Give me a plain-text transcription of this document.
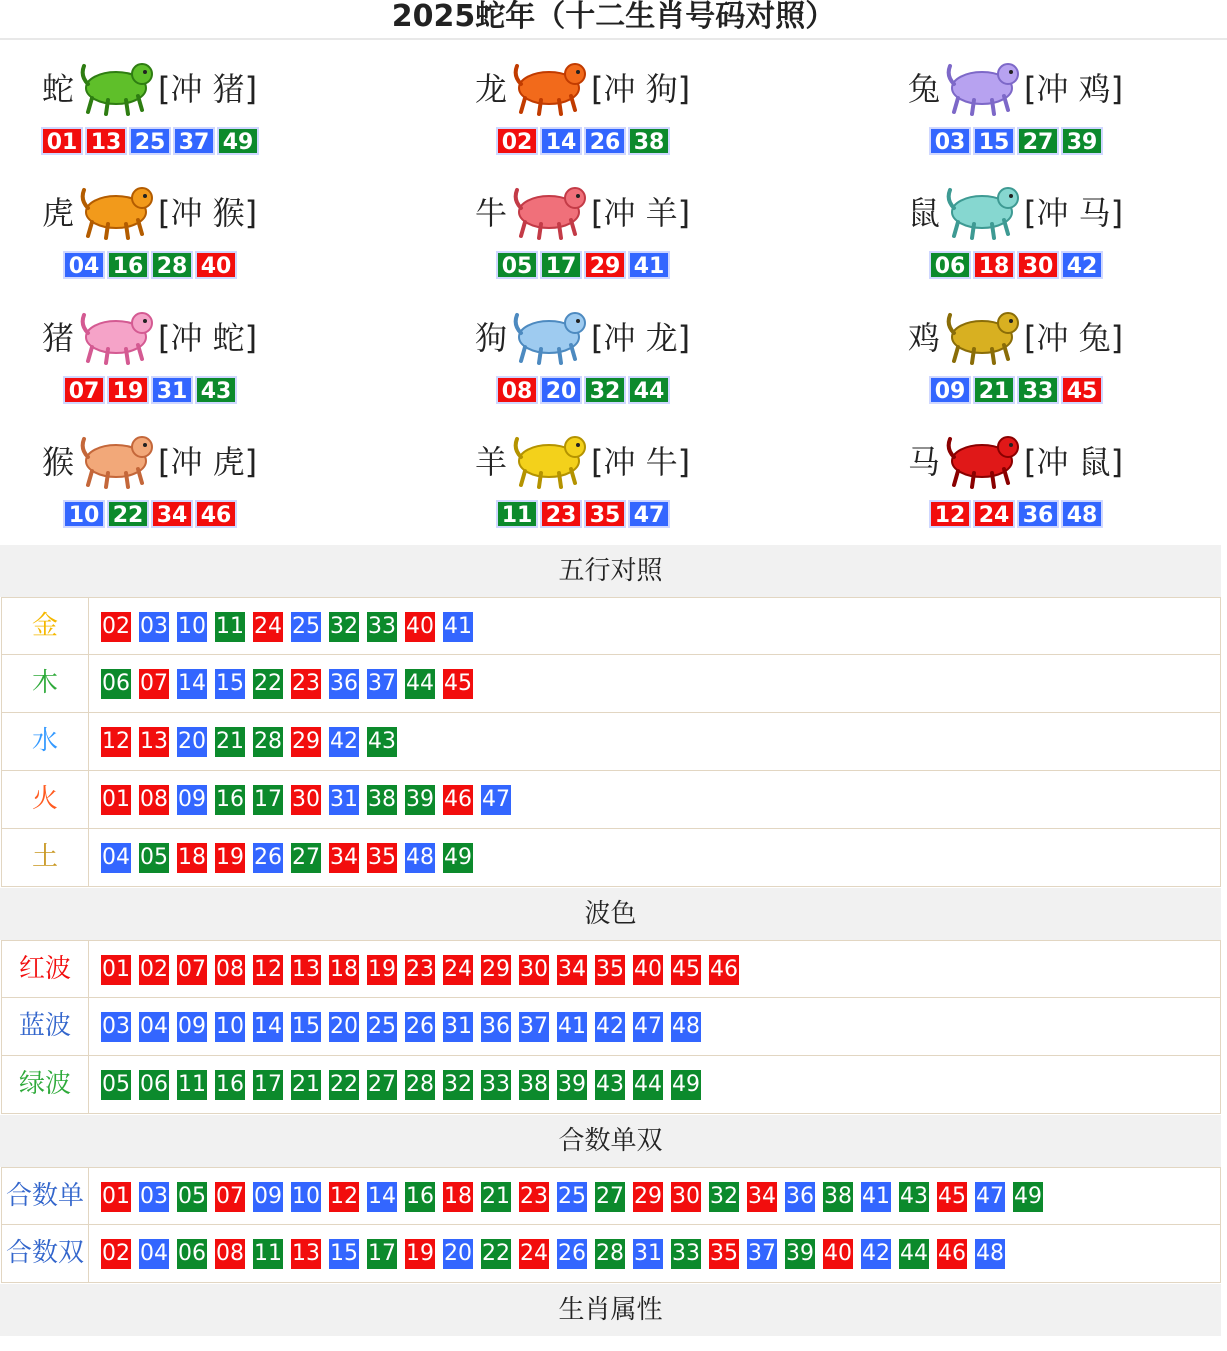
2025蛇年（十二生肖号码对照）
蛇	[冲 猪]
01 13 25 37 49
龙	[冲 狗]
02 14 26 38
兔	[冲 鸡]
03 15 27 39
虎	[冲 猴]
04 16 28 40
牛	[冲 羊]
05 17 29 41
鼠	[冲 马]
06 18 30 42
猪	[冲 蛇]
07 19 31 43
狗	[冲 龙]
08 20 32 44
鸡	[冲 兔]
09 21 33 45
猴	[冲 虎]
10 22 34 46
羊	[冲 牛]
11 23 35 47
马	[冲 鼠]
12 24 36 48
五行对照
金	02 03 10 11 24 25 32 33 40 41
木	06 07 14 15 22 23 36 37 44 45
水	12 13 20 21 28 29 42 43
火	01 08 09 16 17 30 31 38 39 46 47
土	04 05 18 19 26 27 34 35 48 49
波色
红波	01 02 07 08 12 13 18 19 23 24 29 30 34 35 40 45 46
蓝波	03 04 09 10 14 15 20 25 26 31 36 37 41 42 47 48
绿波	05 06 11 16 17 21 22 27 28 32 33 38 39 43 44 49
合数单双
合数单 01 03 05 07 09 10 12 14 16 18 21 23 25 27 29 30 32 34 36 38 41 43 45 47 49
合数双 02 04 06 08 11 13 15 17 19 20 22 24 26 28 31 33 35 37 39 40 42 44 46 48
生肖属性
